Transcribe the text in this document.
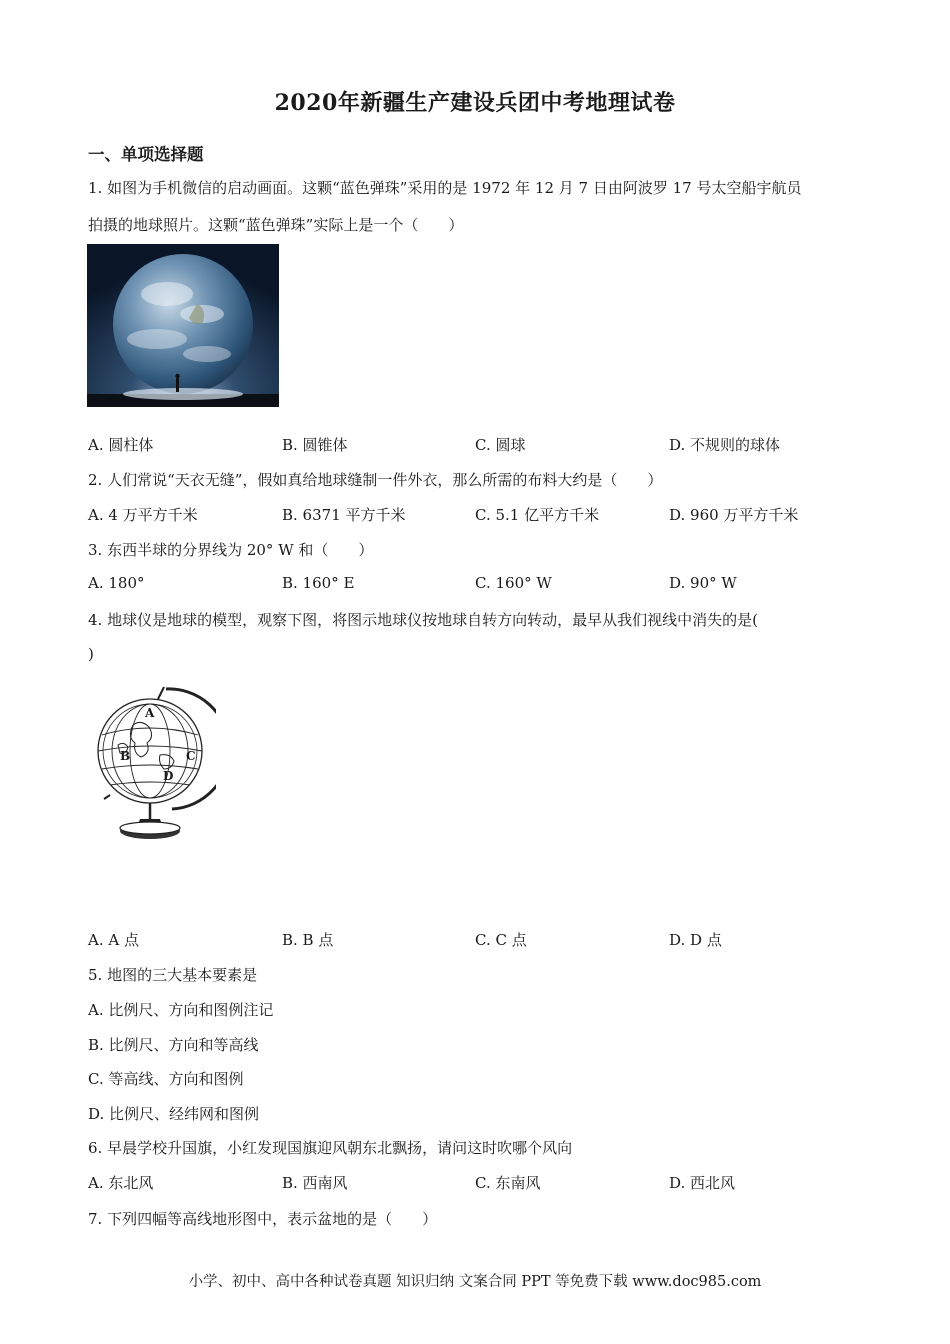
2020年新疆生产建设兵团中考地理试卷
一、单项选择题
1. 如图为手机微信的启动画面。这颗“蓝色弹珠”采用的是 1972 年 12 月 7 日由阿波罗 17 号太空船宇航员
拍摄的地球照片。这颗“蓝色弹珠”实际上是一个（　　）
A. 圆柱体	B. 圆锥体	C. 圆球	D. 不规则的球体
2. 人们常说“天衣无缝”，假如真给地球缝制一件外衣，那么所需的布料大约是（　　）
A. 4 万平方千米	B. 6371 平方千米	C. 5.1 亿平方千米	D. 960 万平方千米
3. 东西半球的分界线为 20° W 和（　　）
A. 180°	B. 160° E	C. 160° W	D. 90° W
4. 地球仪是地球的模型，观察下图，将图示地球仪按地球自转方向转动，最早从我们视线中消失的是(
)
A
B	C
D
A. A 点	B. B 点	C. C 点	D. D 点
5. 地图的三大基本要素是
A. 比例尺、方向和图例注记
B. 比例尺、方向和等高线
C. 等高线、方向和图例
D. 比例尺、经纬网和图例
6. 早晨学校升国旗，小红发现国旗迎风朝东北飘扬，请问这时吹哪个风向
A. 东北风	B. 西南风	C. 东南风	D. 西北风
7. 下列四幅等高线地形图中，表示盆地的是（　　）
小学、初中、高中各种试卷真题 知识归纳 文案合同 PPT 等免费下载 www.doc985.com
